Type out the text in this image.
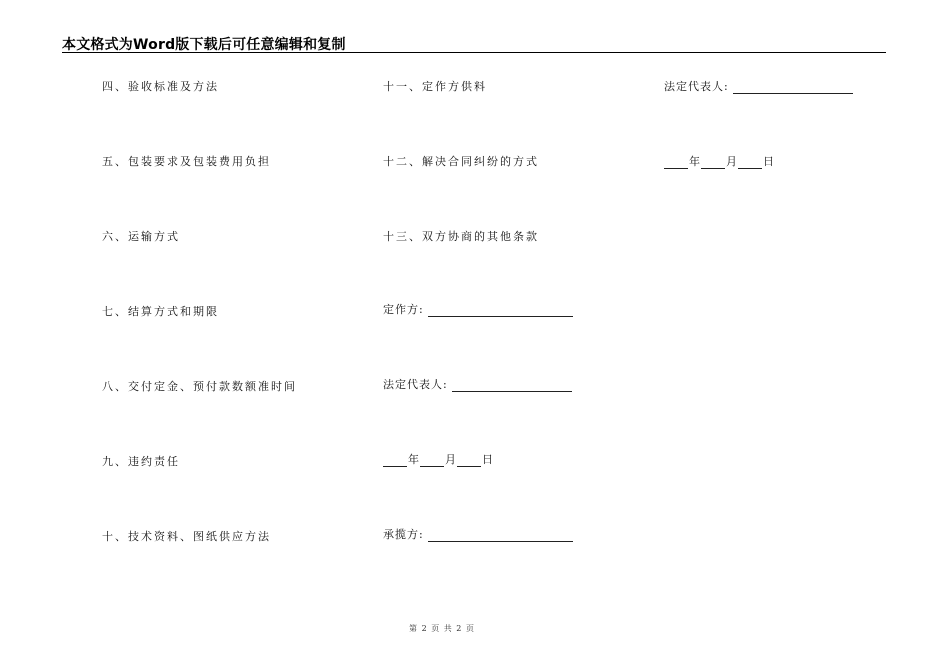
本文格式为Word版下载后可任意编辑和复制
四、验收标准及方法
五、包装要求及包装费用负担
六、运输方式
七、结算方式和期限
八、交付定金、预付款数额准时间
九、违约责任
十、技术资料、图纸供应方法
十一、定作方供料
十二、解决合同纠纷的方式
十三、双方协商的其他条款
定作方:
法定代表人:
年 月 日
承揽方:
法定代表人:
年 月 日
第 2 页 共 2 页
